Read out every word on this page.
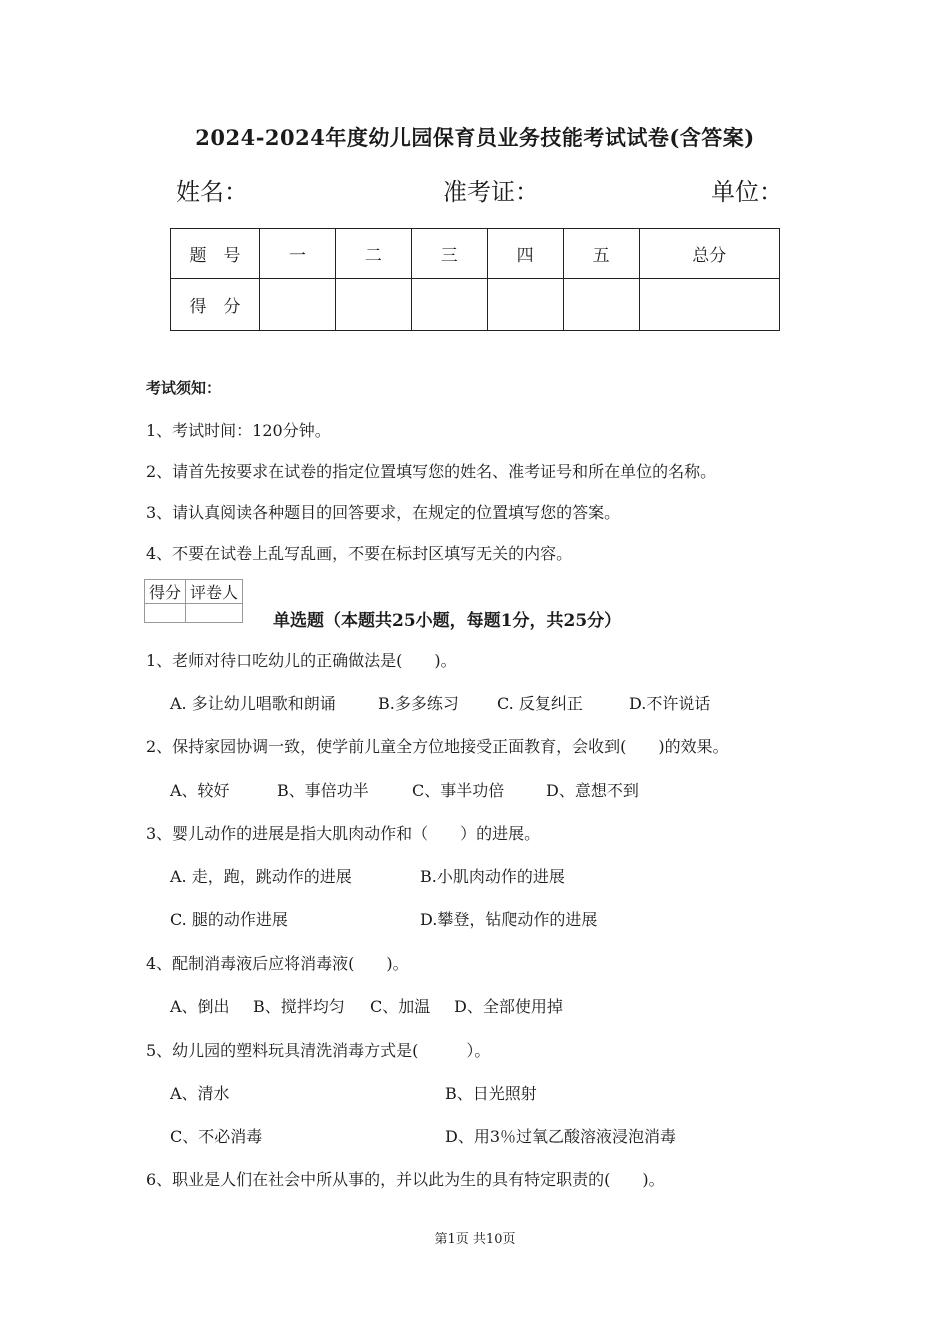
2024-2024年度幼儿园保育员业务技能考试试卷(含答案)
姓名：	准考证：	单位：
题　号	一	二	三	四	五	总分
得　分						
考试须知：
1、考试时间：120分钟。
2、请首先按要求在试卷的指定位置填写您的姓名、准考证号和所在单位的名称。
3、请认真阅读各种题目的回答要求，在规定的位置填写您的答案。
4、不要在试卷上乱写乱画，不要在标封区填写无关的内容。
得分	评卷人

单选题（本题共25小题，每题1分，共25分）
1、老师对待口吃幼儿的正确做法是(　　)。
A. 多让幼儿唱歌和朗诵	B.多多练习 C. 反复纠正	D.不许说话
2、保持家园协调一致，使学前儿童全方位地接受正面教育，会收到(　　)的效果。
A、较好	B、事倍功半	C、事半功倍	D、意想不到
3、婴儿动作的进展是指大肌肉动作和（　　）的进展。
A. 走，跑，跳动作的进展	B.小肌肉动作的进展
C. 腿的动作进展	D.攀登，钻爬动作的进展
4、配制消毒液后应将消毒液(　　)。
A、倒出 B、搅拌均匀 C、加温 D、全部使用掉
5、幼儿园的塑料玩具清洗消毒方式是(　　　）。
A、清水	B、日光照射
C、不必消毒	D、用3％过氧乙酸溶液浸泡消毒
6、职业是人们在社会中所从事的，并以此为生的具有特定职责的(　　)。
第1页 共10页
